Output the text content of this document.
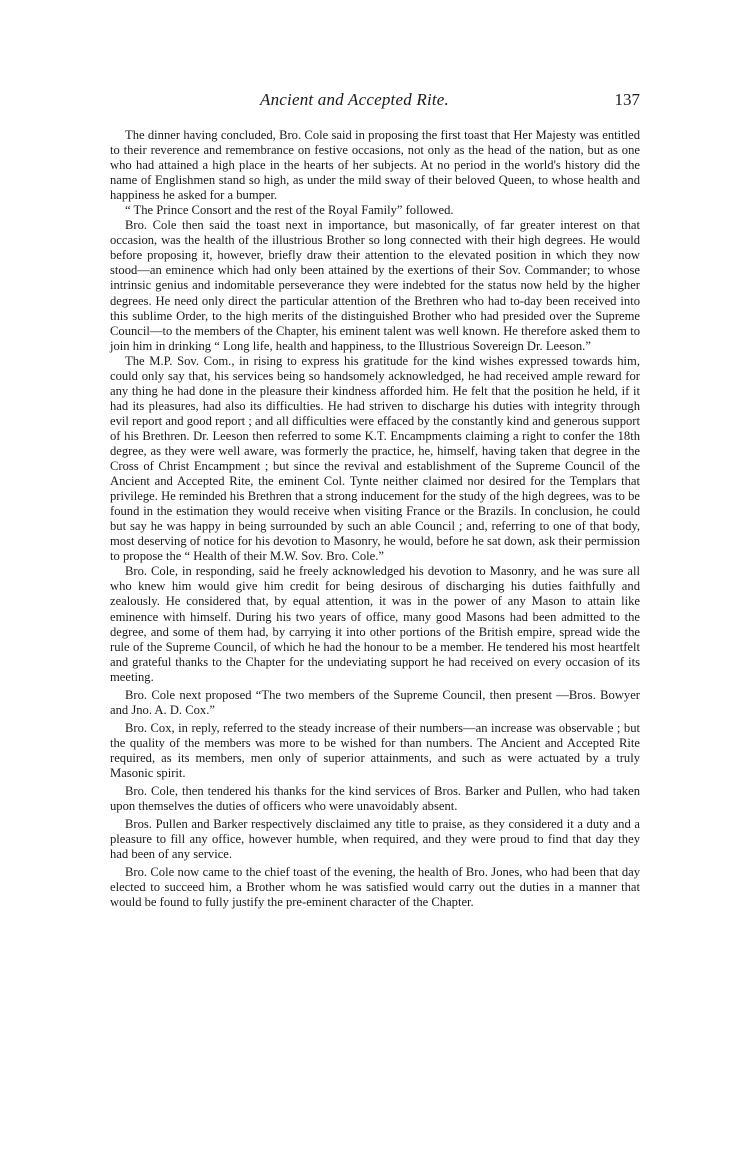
Ancient and Accepted Rite.	137

The dinner having concluded, Bro. Cole said in proposing the first toast that Her Majesty was entitled to their reverence and remembrance on festive occasions, not only as the head of the nation, but as one who had attained a high place in the hearts of her subjects. At no period in the world's history did the name of Englishmen stand so high, as under the mild sway of their beloved Queen, to whose health and happiness he asked for a bumper.

“ The Prince Consort and the rest of the Royal Family” followed.

Bro. Cole then said the toast next in importance, but masonically, of far greater interest on that occasion, was the health of the illustrious Brother so long connected with their high degrees. He would before proposing it, however, briefly draw their attention to the elevated position in which they now stood—an eminence which had only been attained by the exertions of their Sov. Commander; to whose intrinsic genius and indomitable perseverance they were indebted for the status now held by the higher degrees. He need only direct the particular attention of the Brethren who had to-day been received into this sublime Order, to the high merits of the distinguished Brother who had presided over the Supreme Council—to the members of the Chapter, his eminent talent was well known. He therefore asked them to join him in drinking “ Long life, health and happiness, to the Illustrious Sovereign Dr. Leeson.”

The M.P. Sov. Com., in rising to express his gratitude for the kind wishes expressed towards him, could only say that, his services being so handsomely acknowledged, he had received ample reward for any thing he had done in the pleasure their kindness afforded him. He felt that the position he held, if it had its pleasures, had also its difficulties. He had striven to discharge his duties with integrity through evil report and good report ; and all difficulties were effaced by the constantly kind and generous support of his Brethren. Dr. Leeson then referred to some K.T. Encampments claiming a right to confer the 18th degree, as they were well aware, was formerly the practice, he, himself, having taken that degree in the Cross of Christ Encampment ; but since the revival and establishment of the Supreme Council of the Ancient and Accepted Rite, the eminent Col. Tynte neither claimed nor desired for the Templars that privilege. He reminded his Brethren that a strong inducement for the study of the high degrees, was to be found in the estimation they would receive when visiting France or the Brazils. In conclusion, he could but say he was happy in being surrounded by such an able Council ; and, referring to one of that body, most deserving of notice for his devotion to Masonry, he would, before he sat down, ask their permission to propose the “ Health of their M.W. Sov. Bro. Cole.”

Bro. Cole, in responding, said he freely acknowledged his devotion to Masonry, and he was sure all who knew him would give him credit for being desirous of discharging his duties faithfully and zealously. He considered that, by equal attention, it was in the power of any Mason to attain like eminence with himself. During his two years of office, many good Masons had been admitted to the degree, and some of them had, by carrying it into other portions of the British empire, spread wide the rule of the Supreme Council, of which he had the honour to be a member. He tendered his most heartfelt and grateful thanks to the Chapter for the undeviating support he had received on every occasion of its meeting.

Bro. Cole next proposed “The two members of the Supreme Council, then present —Bros. Bowyer and Jno. A. D. Cox.”

Bro. Cox, in reply, referred to the steady increase of their numbers—an increase was observable ; but the quality of the members was more to be wished for than numbers. The Ancient and Accepted Rite required, as its members, men only of superior attainments, and such as were actuated by a truly Masonic spirit.

Bro. Cole, then tendered his thanks for the kind services of Bros. Barker and Pullen, who had taken upon themselves the duties of officers who were unavoidably absent.

Bros. Pullen and Barker respectively disclaimed any title to praise, as they considered it a duty and a pleasure to fill any office, however humble, when required, and they were proud to find that day they had been of any service.

Bro. Cole now came to the chief toast of the evening, the health of Bro. Jones, who had been that day elected to succeed him, a Brother whom he was satisfied would carry out the duties in a manner that would be found to fully justify the pre-eminent character of the Chapter.
